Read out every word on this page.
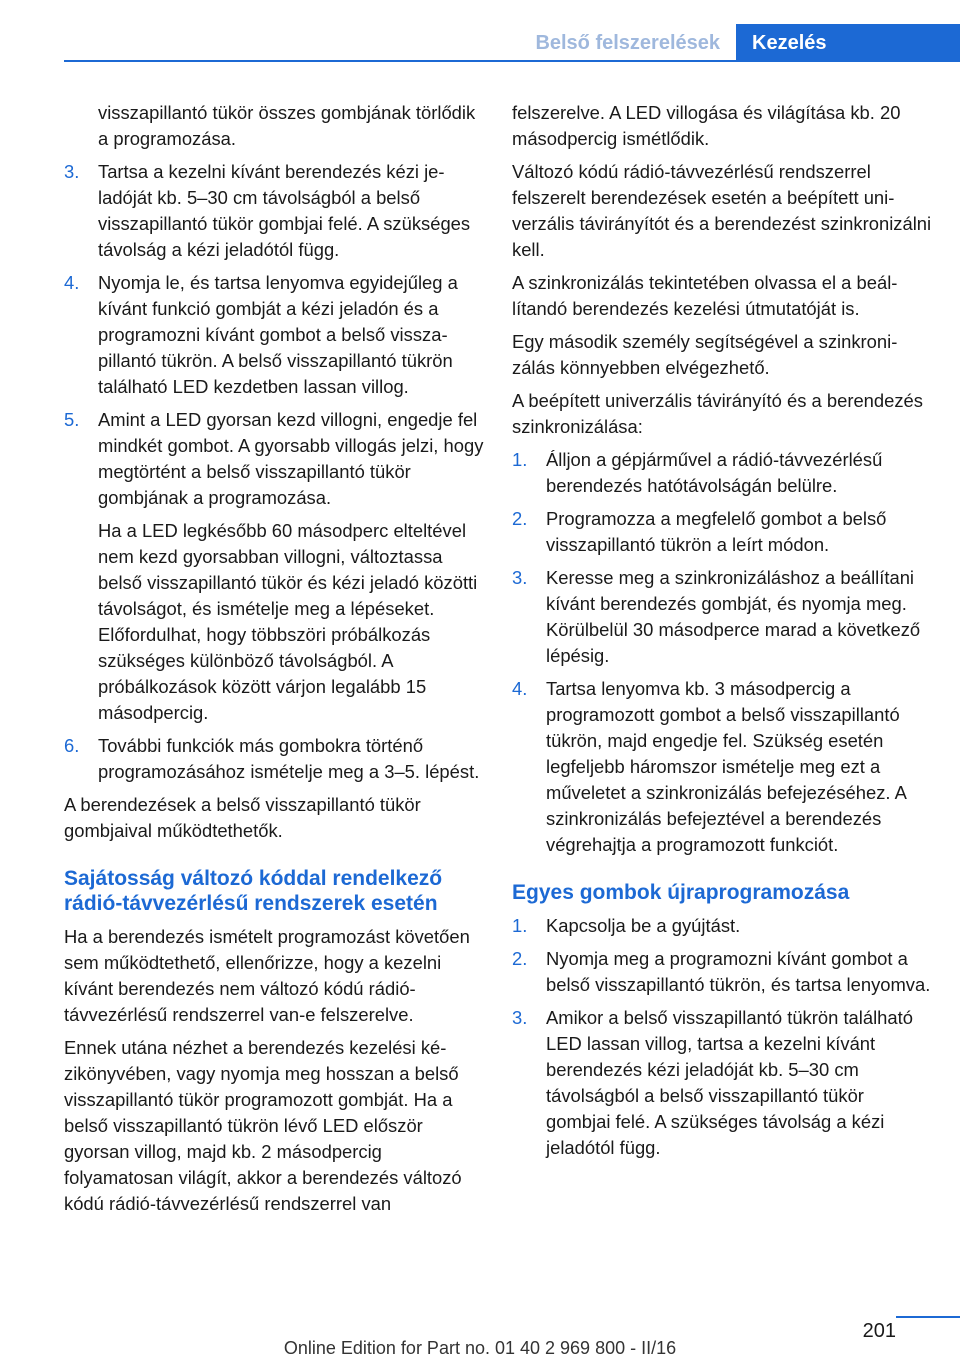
Belső felszerelések	Kezelés
visszapillantó tükör összes gombjának törlődik a programozása.
3. Tartsa a kezelni kívánt berendezés kézi jeladóját kb. 5–30 cm távolságból a belső visszapillantó tükör gombjai felé. A szükséges távolság a kézi jeladótól függ.
4. Nyomja le, és tartsa lenyomva egyidejűleg a kívánt funkció gombját a kézi jeladón és a programozni kívánt gombot a belső visszapillantó tükrön. A belső visszapillantó tükrön található LED kezdetben lassan villog.
5. Amint a LED gyorsan kezd villogni, engedje fel mindkét gombot. A gyorsabb villogás jelzi, hogy megtörtént a belső visszapillantó tükör gombjának a programozása.
Ha a LED legkésőbb 60 másodperc elteltével nem kezd gyorsabban villogni, változtassa belső visszapillantó tükör és kézi jeladó közötti távolságot, és ismételje meg a lépéseket. Előfordulhat, hogy többszöri próbálkozás szükséges különböző távolságból. A próbálkozások között várjon legalább 15 másodpercig.
6. További funkciók más gombokra történő programozásához ismételje meg a 3–5. lépést.
A berendezések a belső visszapillantó tükör gombjaival működtethetők.
Sajátosság változó kóddal rendelkező rádió-távvezérlésű rendszerek esetén
Ha a berendezés ismételt programozást követően sem működtethető, ellenőrizze, hogy a kezelni kívánt berendezés nem változó kódú rádió-távvezérlésű rendszerrel van-e felszerelve.
Ennek utána nézhet a berendezés kezelési kézikönyvében, vagy nyomja meg hosszan a belső visszapillantó tükör programozott gombját. Ha a belső visszapillantó tükrön lévő LED először gyorsan villog, majd kb. 2 másodpercig folyamatosan világít, akkor a berendezés változó kódú rádió-távvezérlésű rendszerrel van
felszerelve. A LED villogása és világítása kb. 20 másodpercig ismétlődik.
Változó kódú rádió-távvezérlésű rendszerrel felszerelt berendezések esetén a beépített univerzális távirányítót és a berendezést szinkronizálni kell.
A szinkronizálás tekintetében olvassa el a beállítandó berendezés kezelési útmutatóját is.
Egy második személy segítségével a szinkronizálás könnyebben elvégezhető.
A beépített univerzális távirányító és a berendezés szinkronizálása:
1. Álljon a gépjárművel a rádió-távvezérlésű berendezés hatótávolságán belülre.
2. Programozza a megfelelő gombot a belső visszapillantó tükrön a leírt módon.
3. Keresse meg a szinkronizáláshoz a beállítani kívánt berendezés gombját, és nyomja meg. Körülbelül 30 másodperce marad a következő lépésig.
4. Tartsa lenyomva kb. 3 másodpercig a programozott gombot a belső visszapillantó tükrön, majd engedje fel. Szükség esetén legfeljebb háromszor ismételje meg ezt a műveletet a szinkronizálás befejezéséhez. A szinkronizálás befejeztével a berendezés végrehajtja a programozott funkciót.
Egyes gombok újraprogramozása
1. Kapcsolja be a gyújtást.
2. Nyomja meg a programozni kívánt gombot a belső visszapillantó tükrön, és tartsa lenyomva.
3. Amikor a belső visszapillantó tükrön található LED lassan villog, tartsa a kezelni kívánt berendezés kézi jeladóját kb. 5–30 cm távolságból a belső visszapillantó tükör gombjai felé. A szükséges távolság a kézi jeladótól függ.
201
Online Edition for Part no. 01 40 2 969 800 - II/16
